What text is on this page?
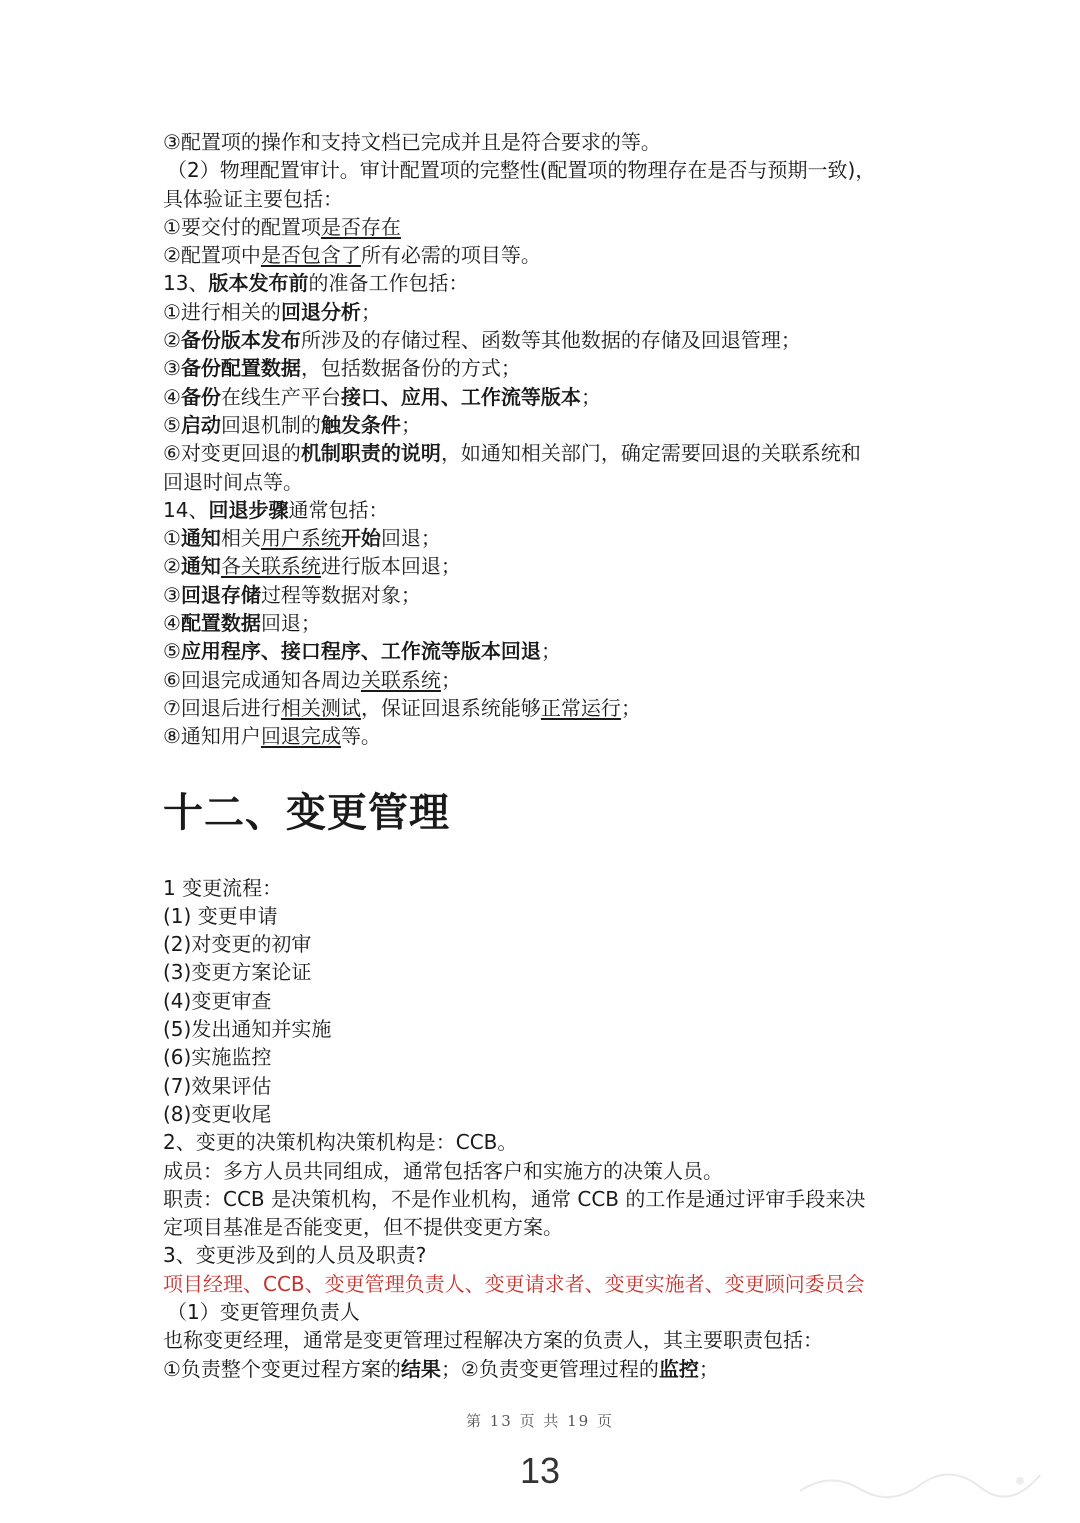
③配置项的操作和支持文档已完成并且是符合要求的等。
（2）物理配置审计。审计配置项的完整性(配置项的物理存在是否与预期一致)，
具体验证主要包括：
①要交付的配置项是否存在
②配置项中是否包含了所有必需的项目等。
13、版本发布前的准备工作包括：
①进行相关的回退分析；
②备份版本发布所涉及的存储过程、函数等其他数据的存储及回退管理；
③备份配置数据，包括数据备份的方式；
④备份在线生产平台接口、应用、工作流等版本；
⑤启动回退机制的触发条件；
⑥对变更回退的机制职责的说明，如通知相关部门，确定需要回退的关联系统和
回退时间点等。
14、回退步骤通常包括：
①通知相关用户系统开始回退；
②通知各关联系统进行版本回退；
③回退存储过程等数据对象；
④配置数据回退；
⑤应用程序、接口程序、工作流等版本回退；
⑥回退完成通知各周边关联系统；
⑦回退后进行相关测试，保证回退系统能够正常运行；
⑧通知用户回退完成等。
十二、变更管理
1 变更流程：
(1) 变更申请
(2)对变更的初审
(3)变更方案论证
(4)变更审查
(5)发出通知并实施
(6)实施监控
(7)效果评估
(8)变更收尾
2、变更的决策机构决策机构是：CCB。
成员：多方人员共同组成，通常包括客户和实施方的决策人员。
职责：CCB 是决策机构，不是作业机构，通常 CCB 的工作是通过评审手段来决
定项目基准是否能变更，但不提供变更方案。
3、变更涉及到的人员及职责?
项目经理、CCB、变更管理负责人、变更请求者、变更实施者、变更顾问委员会
（1）变更管理负责人
也称变更经理，通常是变更管理过程解决方案的负责人，其主要职责包括：
①负责整个变更过程方案的结果；②负责变更管理过程的监控；
第 13 页 共 19 页
13
